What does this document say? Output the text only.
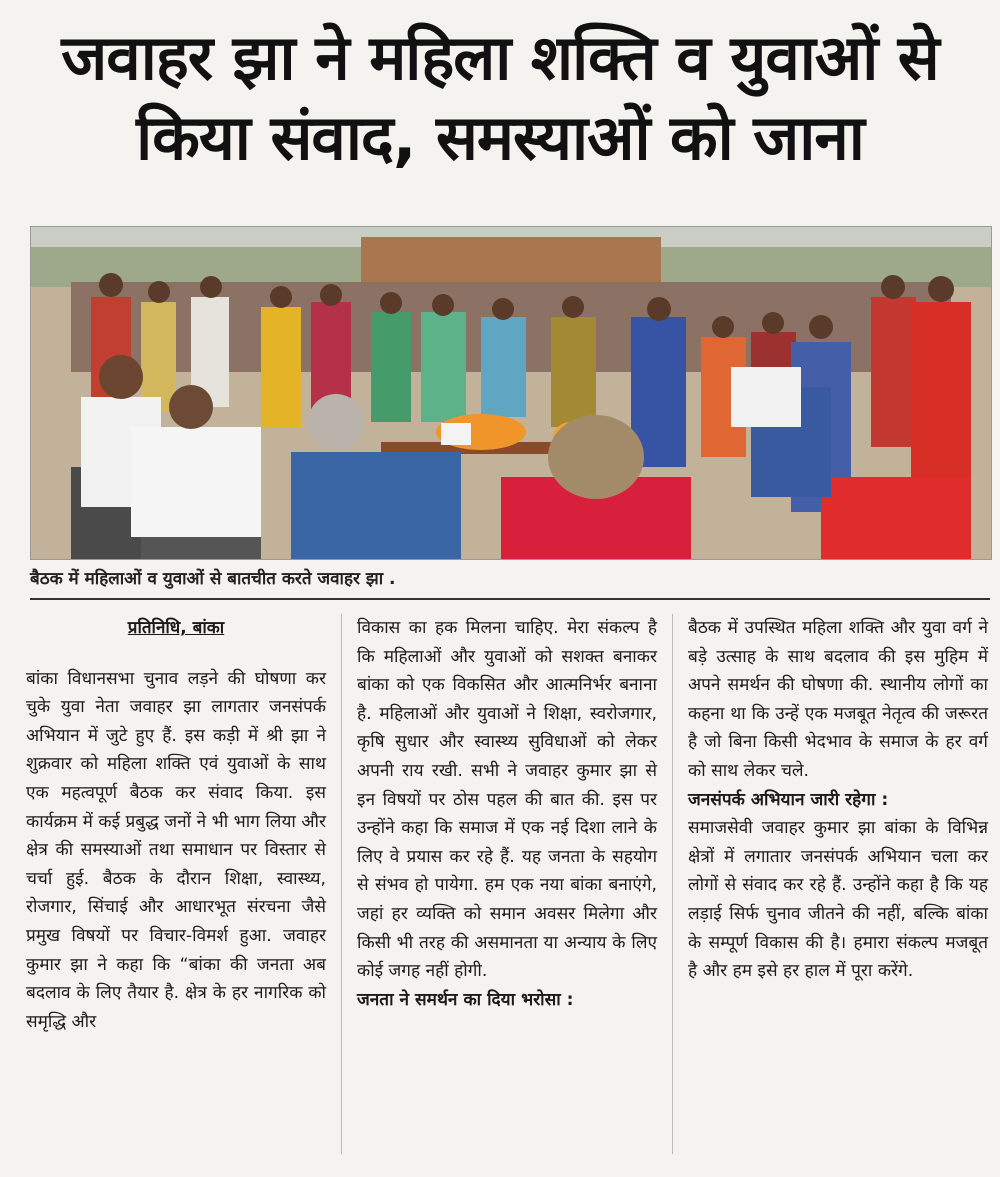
जवाहर झा ने महिला शक्ति व युवाओं से
किया संवाद, समस्याओं को जाना
बैठक में महिलाओं व युवाओं से बातचीत करते जवाहर झा .
प्रतिनिधि, बांका

बांका विधानसभा चुनाव लड़ने की घोषणा कर चुके युवा नेता जवाहर झा लागतार जनसंपर्क अभियान में जुटे हुए हैं. इस कड़ी में श्री झा ने शुक्रवार को महिला शक्ति एवं युवाओं के साथ एक महत्वपूर्ण बैठक कर संवाद किया. इस कार्यक्रम में कई प्रबुद्ध जनों ने भी भाग लिया और क्षेत्र की समस्याओं तथा समाधान पर विस्तार से चर्चा हुई. बैठक के दौरान शिक्षा, स्वास्थ्य, रोजगार, सिंचाई और आधारभूत संरचना जैसे प्रमुख विषयों पर विचार-विमर्श हुआ. जवाहर कुमार झा ने कहा कि “बांका की जनता अब बदलाव के लिए तैयार है. क्षेत्र के हर नागरिक को समृद्धि और

विकास का हक मिलना चाहिए. मेरा संकल्प है कि महिलाओं और युवाओं को सशक्त बनाकर बांका को एक विकसित और आत्मनिर्भर बनाना है. महिलाओं और युवाओं ने शिक्षा, स्वरोजगार, कृषि सुधार और स्वास्थ्य सुविधाओं को लेकर अपनी राय रखी. सभी ने जवाहर कुमार झा से इन विषयों पर ठोस पहल की बात की. इस पर उन्होंने कहा कि समाज में एक नई दिशा लाने के लिए वे प्रयास कर रहे हैं. यह जनता के सहयोग से संभव हो पायेगा. हम एक नया बांका बनाएंगे, जहां हर व्यक्ति को समान अवसर मिलेगा और किसी भी तरह की असमानता या अन्याय के लिए कोई जगह नहीं होगी.

जनता ने समर्थन का दिया भरोसा :

बैठक में उपस्थित महिला शक्ति और युवा वर्ग ने बड़े उत्साह के साथ बदलाव की इस मुहिम में अपने समर्थन की घोषणा की. स्थानीय लोगों का कहना था कि उन्हें एक मजबूत नेतृत्व की जरूरत है जो बिना किसी भेदभाव के समाज के हर वर्ग को साथ लेकर चले.

जनसंपर्क अभियान जारी रहेगा :

समाजसेवी जवाहर कुमार झा बांका के विभिन्न क्षेत्रों में लगातार जनसंपर्क अभियान चला कर लोगों से संवाद कर रहे हैं. उन्होंने कहा है कि यह लड़ाई सिर्फ चुनाव जीतने की नहीं, बल्कि बांका के सम्पूर्ण विकास की है। हमारा संकल्प मजबूत है और हम इसे हर हाल में पूरा करेंगे.
